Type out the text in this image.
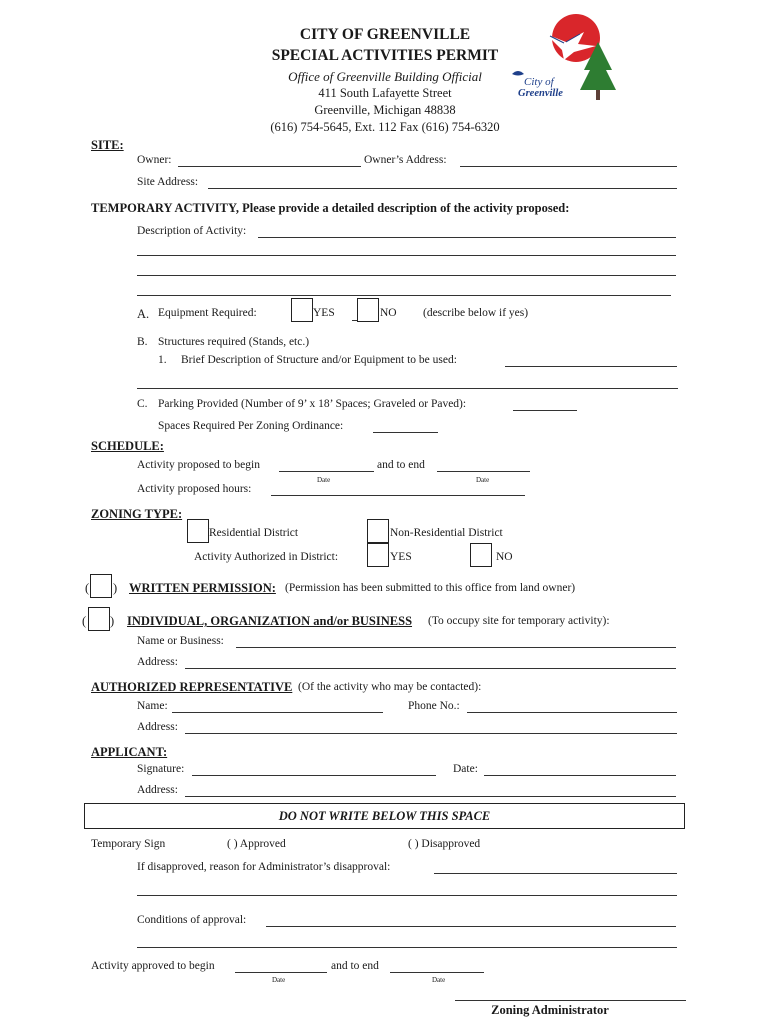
CITY OF GREENVILLE
SPECIAL ACTIVITIES PERMIT
Office of Greenville Building Official
411 South Lafayette Street
Greenville, Michigan 48838
(616) 754-5645, Ext. 112 Fax (616) 754-6320
City of
Greenville
SITE:
Owner:	Owner’s Address:
Site Address:
TEMPORARY ACTIVITY, Please provide a detailed description of the activity proposed:
Description of Activity:
A. Equipment Required:	YES	NO (describe below if yes)
B. Structures required (Stands, etc.)
1. Brief Description of Structure and/or Equipment to be used:
C. Parking Provided (Number of 9’ x 18’ Spaces; Graveled or Paved):
Spaces Required Per Zoning Ordinance:
SCHEDULE:
Activity proposed to begin	and to end
Date	Date
Activity proposed hours:
ZONING TYPE:
Residential District	Non-Residential District
Activity Authorized in District:	YES	NO
( ) WRITTEN PERMISSION: (Permission has been submitted to this office from land owner)
( ) INDIVIDUAL, ORGANIZATION and/or BUSINESS (To occupy site for temporary activity):
Name or Business:
Address:
AUTHORIZED REPRESENTATIVE (Of the activity who may be contacted):
Name:	Phone No.:
Address:
APPLICANT:
Signature:	Date:
Address:
DO NOT WRITE BELOW THIS SPACE
Temporary Sign	( ) Approved	( ) Disapproved
If disapproved, reason for Administrator’s disapproval:
Conditions of approval:
Activity approved to begin	and to end
Date	Date
Zoning Administrator
